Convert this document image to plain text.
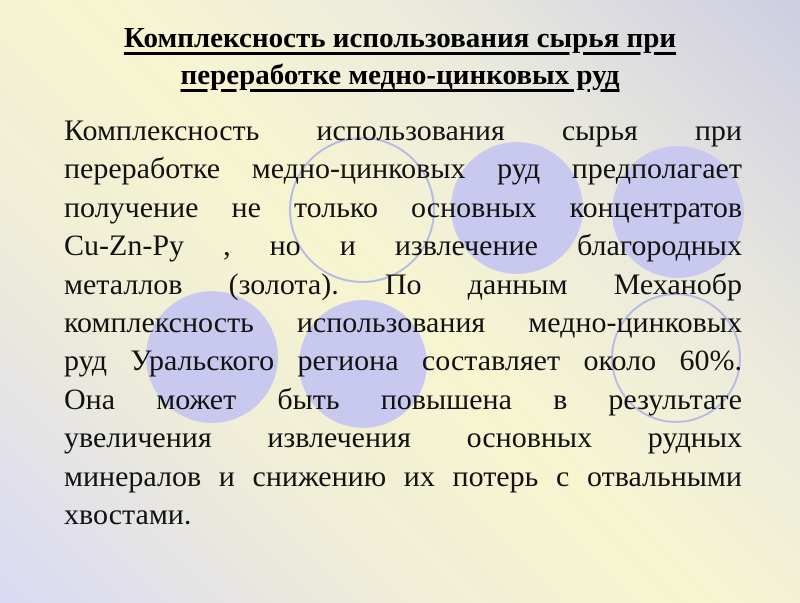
Комплексность использования сырья при
переработке медно-цинковых руд
Комплексность использования сырья при
переработке медно-цинковых руд предполагает
получение не только основных концентратов
Cu-Zn-Py , но и извлечение благородных
металлов (золота). По данным Механобр
комплексность использования медно-цинковых
руд Уральского региона составляет около 60%.
Она может быть повышена в результате
увеличения извлечения основных рудных
минералов и снижению их потерь с отвальными
хвостами.
